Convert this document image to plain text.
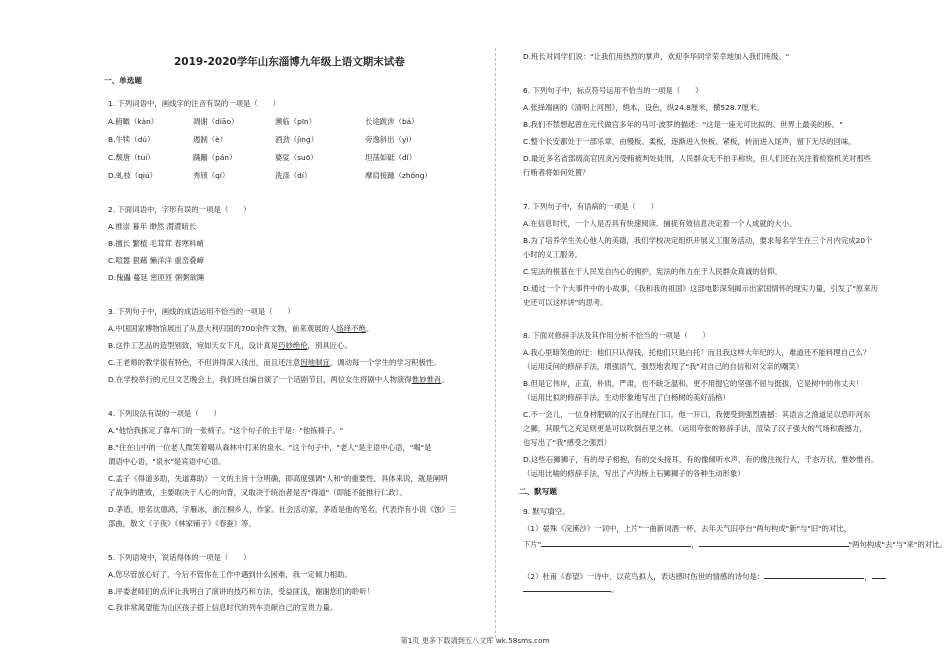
2019-2020学年山东淄博九年级上语文期末试卷
一、单选题
1. 下列词语中，画线字的注音有误的一项是（　　）
A.俯瞰（kàn）	凋谢（diāo）	濒临（pīn）	长途跋涉（bá）
B.牛犊（dú）	遏制（è）	酒劲（jìng）	旁逸斜出（yì）
C.颓唐（tuí）	蹒跚（pán）	婆娑（suō）	坦荡如砥（dǐ）
D.虬枝（qiú）	秀颀（qí）	洗涤（dí）	摩肩接踵（zhǒng）
2. 下面词语中，字形有误的一项是（　　）
A.推崇 暮年 缈然 潸潸暗长
B.擅长 繁植 毛茸茸 春寒料峭
C.喧嚣 狠藉 懒洋洋 重峦叠嶂
D.傀儡 蔓延 密匝匝 粥粥欲睡
3. 下列句子中，画线的成语运用不恰当的一项是（　　）
A.中国国家博物馆展出了从意大利归国的700余件文物，前来观展的人络绎不绝。
B.这件工艺品的造型别致，宛如天女下凡，设计真是巧妙绝伦，别具匠心。
C.王老师的教学很有特色，不但讲得深入浅出，而且还注意因地制宜，调动每一个学生的学习积极性。
D.在学校举行的元旦文艺晚会上，我们班自编自演了一个话剧节目，两位女生将剧中人物演得惟妙惟肖。
4. 下列说法有误的一项是（　　）
A."他恰我拣定了靠车门的一张椅子。"这个句子的主干是："他拣椅子。"
B."住在山中的一位老人微笑着喝从森林中打来的泉水。"这个句子中，"老人"是主语中心语，"喝"是
谓语中心语，"泉水"是宾语中心语。
C.孟子《得道多助，失道寡助》一文的主旨十分明确，即高度强调"人和"的重要性，具体来说，就是阐明
了战争的胜败，主要取决于人心的向背，又取决于统治者是否"得道"（即能不能推行仁政）。
D.茅盾，原名沈德鸿，字雁冰，浙江桐乡人，作家、社会活动家，茅盾是他的笔名。代表作有小说《蚀》三
部曲，散文《子夜》《林家铺子》《春蚕》等。
5. 下列语境中，说话得体的一项是（　　）
A.您尽管放心好了，今后不管你在工作中遇到什么困难，我一定倾力相助。
B.评委老师们的点评让我明白了演讲的技巧和方法，受益匪浅，谢谢您们的聆听！
C.我非常渴望能为山区孩子搭上信息时代的列车贡献自己的宝贵力量。
D.班长对同学们说："让我们用热烈的掌声，欢迎李华同学荣幸地加入我们班级。"
6. 下列句子中，标点符号运用不恰当的一项是（　　）
A.张择端画的《清明上河图》，绢本，设色，纵24.8厘米，横528.7厘米。
B.我们不禁想起曾在元代做官多年的马可·波罗的描述："这是一座无可比拟的、世界上最美的桥。"
C.整个长安都处于一部乐章，由慢板、柔板，逐渐进入快板、紧板，转而进入尾声，留下无尽的回味。
D.最近多名省部级高官因贪污受贿被判处徒刑，人民群众无不拍手称快，但人们还在关注着检察机关对那些
行贿者将如何处置？
7. 下列句子中，有语病的一项是（　　）
A.在信息时代，一个人是否具有快速阅读、捕捉有效信息决定着一个人成就的大小。
B.为了培养学生关心他人的美德，我们学校决定组织开展义工服务活动，要求每名学生在三个月内完成20个
小时的义工服务。
C.宪法的根基在于人民发自内心的拥护，宪法的伟力在于人民群众真诚的信仰。
D.通过一个个大事件中的小故事，《我和我的祖国》这部电影深刻揭示出家国情怀的现实力量，引发了"原来历
史还可以这样讲"的思考。
8. 下面对修辞手法及其作用分析不恰当的一项是（　　）
A.我心里暗笑他的迂：他们只认得钱，托他们只是白托！而且我这样大年纪的人，难道还不能料理自己么？
（运用反问的修辞手法，增强语气，强烈地表现了"我"对自己的自信和对父亲的嘲笑）
B.但是它伟岸，正直，朴质，严肃，也不缺乏温和，更不用提它的坚强不屈与挺拔，它是树中的伟丈夫！
（运用比拟的修辞手法，生动形象地写出了白杨树的美好品格）
C.不一会儿，一位身材肥硕的汉子出现在门口。他一开口，我便受到强烈震撼：其语言之渔道足以恐吓河东
之狮，其眼气之充足则更是可以吹倒百里之林。（运用夸张的修辞手法，渲染了汉子强大的气场和震撼力，
也写出了"我"感受之强烈）
D.这些石狮狮子，有的母子相抱，有的交头接耳，有的像倾听水声，有的像注视行人，千态万状，惟妙惟肖。
（运用比喻的修辞手法，写出了卢沟桥上石狮狮子的各种生动形象）
二、默写题
9. 默写填空。
（1）晏殊《浣溪沙》一词中，上片"一曲新词酒一杯，去年天气旧亭台"两句构成"新"与"旧"的对比，
下片"	，	"两句构成"去"与"来"的对比。
（2）杜甫《春望》一诗中，以花鸟拟人，表达感时伤世的情感的诗句是：	，
。
第1页 更多下载请到五八文库 wk.58sms.com
